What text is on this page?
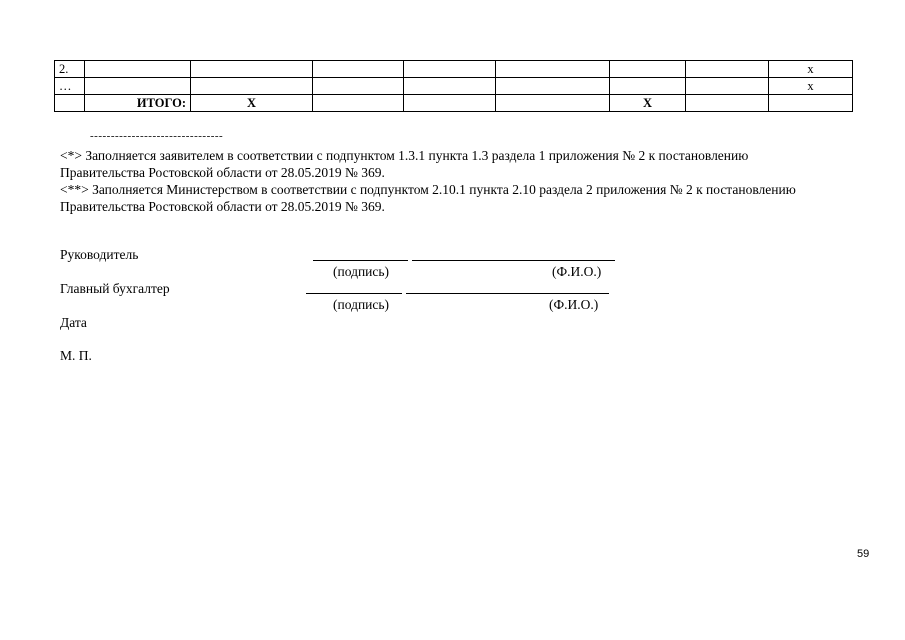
2.								x
…								x
	ИТОГО:	X				X		
--------------------------------
<*> Заполняется заявителем в соответствии с подпунктом 1.3.1 пункта 1.3 раздела 1 приложения № 2 к постановлению
Правительства Ростовской области от 28.05.2019 № 369.
<**> Заполняется Министерством в соответствии с подпунктом 2.10.1 пункта 2.10 раздела 2 приложения № 2 к постановлению
Правительства Ростовской области от 28.05.2019 № 369.
Руководитель
(подпись)	(Ф.И.О.)
Главный бухгалтер
(подпись)	(Ф.И.О.)
Дата
М. П.
59
